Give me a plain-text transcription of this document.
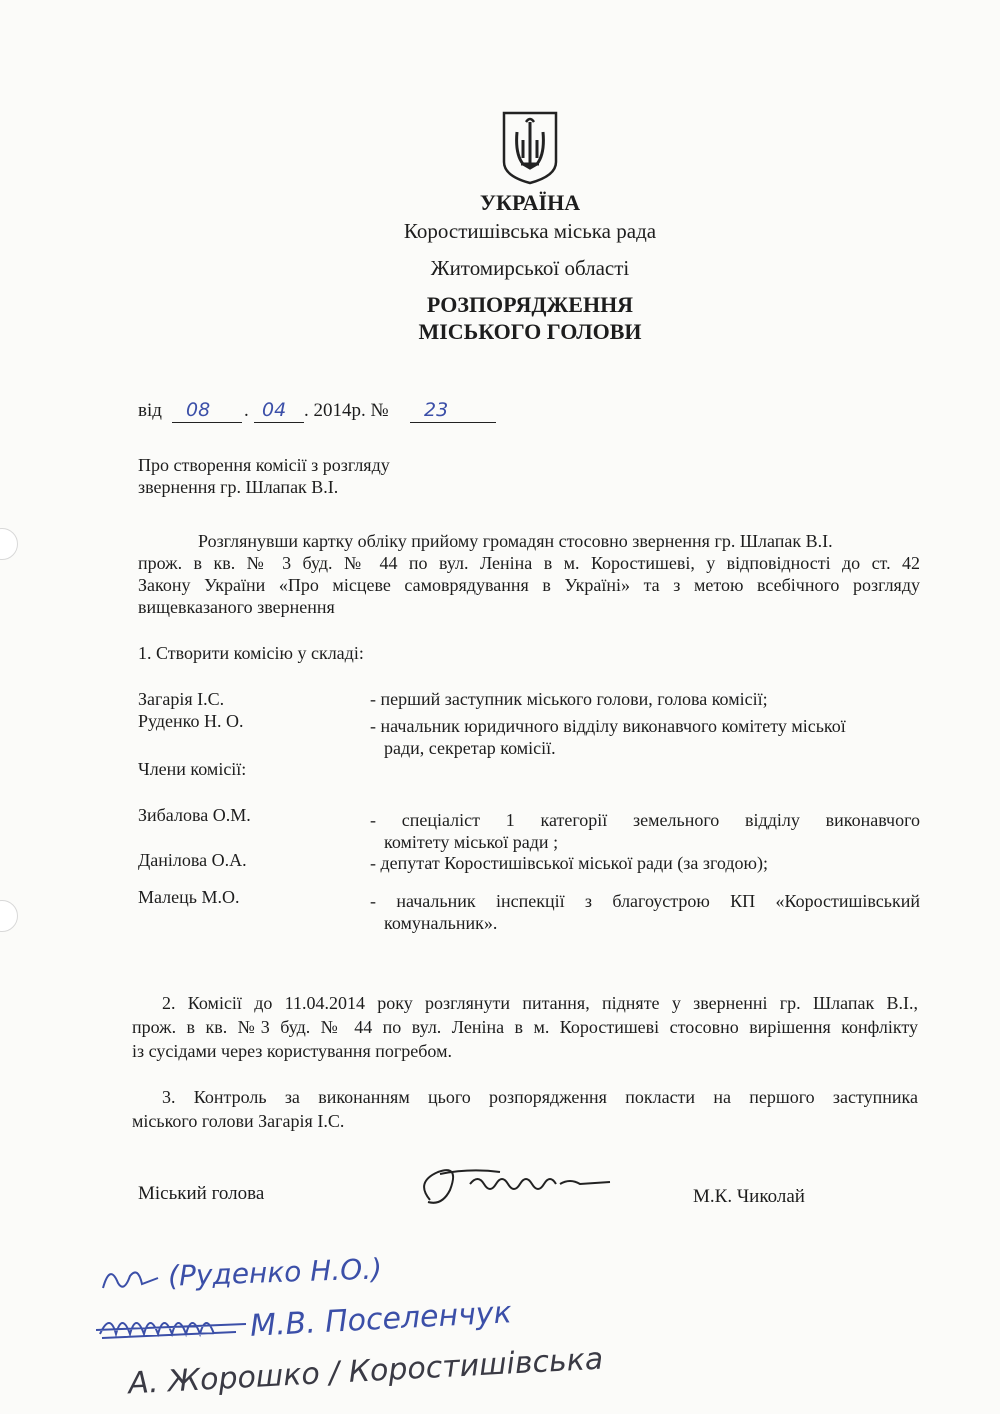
УКРАЇНА
Коростишівська міська рада
Житомирської області
РОЗПОРЯДЖЕННЯ
МІСЬКОГО ГОЛОВИ
від 08 . 04 . 2014р. № 23
Про створення комісії з розгляду
звернення гр. Шлапак В.І.
Розглянувши картку обліку прийому громадян стосовно звернення гр. Шлапак В.І.
прож. в кв. № 3 буд. № 44 по вул. Леніна в м. Коростишеві, у відповідності до ст. 42
Закону України «Про місцеве самоврядування в Україні» та з метою всебічного розгляду
вищевказаного звернення
1. Створити комісію у складі:
Загарія І.С.	- перший заступник міського голови, голова комісії;
Руденко Н. О.	- начальник юридичного відділу виконавчого комітету міської
ради, секретар комісії.
Члени комісії:
Зибалова О.М.	- спеціаліст 1 категорії земельного відділу виконавчого
комітету міської ради ;
Данілова О.А.	- депутат Коростишівської міської ради (за згодою);
Малець М.О.	- начальник інспекції з благоустрою КП «Коростишівський
комунальник».
2. Комісії до 11.04.2014 року розглянути питання, підняте у зверненні гр. Шлапак В.І.,
прож. в кв. №3 буд. № 44 по вул. Леніна в м. Коростишеві стосовно вирішення конфлікту
із сусідами через користування погребом.
3. Контроль за виконанням цього розпорядження покласти на першого заступника
міського голови Загарія І.С.
Міський голова	М.К. Чиколай
(Руденко Н.О.)
М.В. Поселенчук
А. Жорошко / Коростишівська
